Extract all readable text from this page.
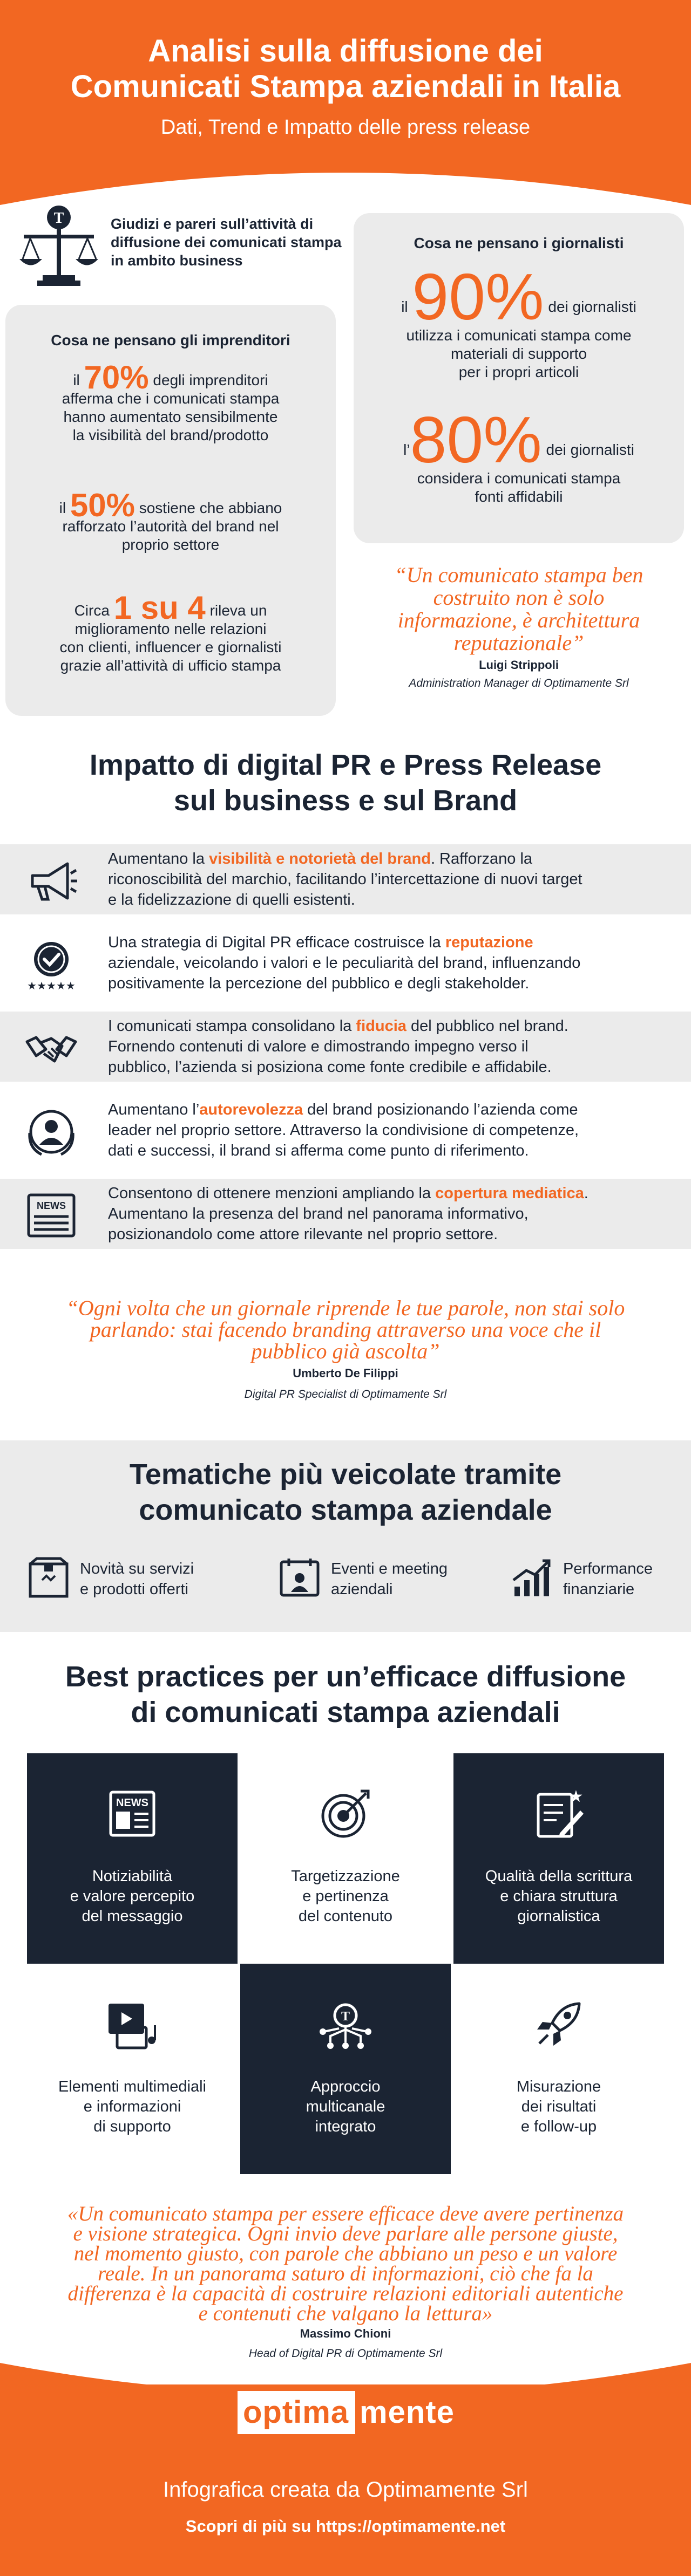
Analisi sulla diffusione dei
Comunicati Stampa aziendali in Italia
Dati, Trend e Impatto delle press release
T	Giudizi e pareri sull’attività di diffusione dei comunicati stampa in ambito business
Cosa ne pensano gli imprenditori
il 70% degli imprenditori
afferma che i comunicati stampa
hanno aumentato sensibilmente
la visibilità del brand/prodotto
il 50% sostiene che abbiano
rafforzato l’autorità del brand nel
proprio settore
Circa 1 su 4 rileva un
miglioramento nelle relazioni
con clienti, influencer e giornalisti
grazie all’attività di ufficio stampa
Cosa ne pensano i giornalisti
il 90% dei giornalisti
utilizza i comunicati stampa come
materiali di supporto
per i propri articoli
l’80% dei giornalisti
considera i comunicati stampa
fonti affidabili
“Un comunicato stampa ben
costruito non è solo
informazione, è architettura
reputazionale”
Luigi Strippoli
Administration Manager di Optimamente Srl
Impatto di digital PR e Press Release
sul business e sul Brand
Aumentano la visibilità e notorietà del brand. Rafforzano la
riconoscibilità del marchio, facilitando l’intercettazione di nuovi target
e la fidelizzazione di quelli esistenti.
★★★★★
Una strategia di Digital PR efficace costruisce la reputazione
aziendale, veicolando i valori e le peculiarità del brand, influenzando
positivamente la percezione del pubblico e degli stakeholder.
I comunicati stampa consolidano la fiducia del pubblico nel brand.
Fornendo contenuti di valore e dimostrando impegno verso il
pubblico, l’azienda si posiziona come fonte credibile e affidabile.
Aumentano l’autorevolezza del brand posizionando l’azienda come
leader nel proprio settore. Attraverso la condivisione di competenze,
dati e successi, il brand si afferma come punto di riferimento.
NEWS
Consentono di ottenere menzioni ampliando la copertura mediatica.
Aumentano la presenza del brand nel panorama informativo,
posizionandolo come attore rilevante nel proprio settore.
“Ogni volta che un giornale riprende le tue parole, non stai solo
parlando: stai facendo branding attraverso una voce che il
pubblico già ascolta”
Umberto De Filippi
Digital PR Specialist di Optimamente Srl
Tematiche più veicolate tramite
comunicato stampa aziendale
Novità su servizi
e prodotti offerti
Eventi e meeting
aziendali
Performance
finanziarie
Best practices per un’efficace diffusione
di comunicati stampa aziendali
NEWS
Notiziabilità
e valore percepito
del messaggio
Targetizzazione
e pertinenza
del contenuto
★
Qualità della scrittura
e chiara struttura
giornalistica
Elementi multimediali
e informazioni
di supporto
T
Approccio
multicanale
integrato
Misurazione
dei risultati
e follow-up
«Un comunicato stampa per essere efficace deve avere pertinenza
e visione strategica. Ogni invio deve parlare alle persone giuste,
nel momento giusto, con parole che abbiano un peso e un valore
reale. In un panorama saturo di informazioni, ciò che fa la
differenza è la capacità di costruire relazioni editoriali autentiche
e contenuti che valgano la lettura»
Massimo Chioni
Head of Digital PR di Optimamente Srl
optima mente
Infografica creata da Optimamente Srl
Scopri di più su https://optimamente.net
